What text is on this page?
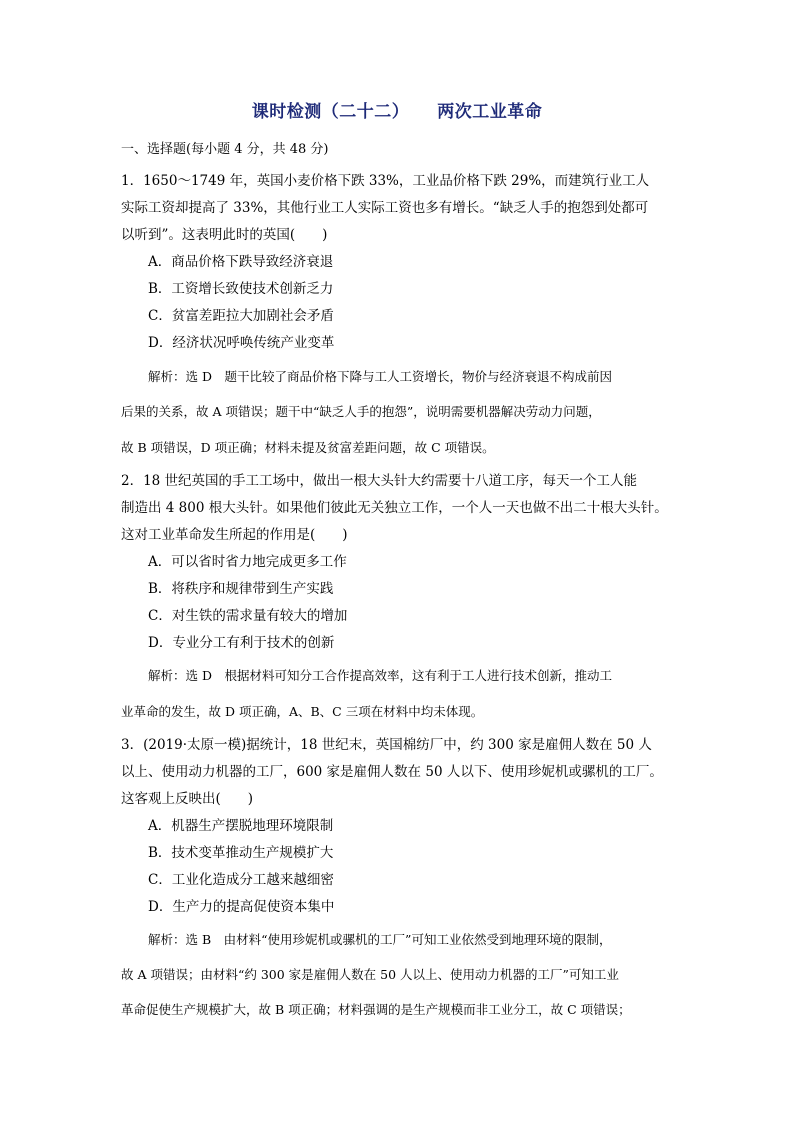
课时检测（二十二） 两次工业革命
一、选择题(每小题 4 分，共 48 分)
1．1650～1749 年，英国小麦价格下跌 33%，工业品价格下跌 29%，而建筑行业工人
实际工资却提高了 33%，其他行业工人实际工资也多有增长。“缺乏人手的抱怨到处都可
以听到”。这表明此时的英国(　　)
A．商品价格下跌导致经济衰退
B．工资增长致使技术创新乏力
C．贫富差距拉大加剧社会矛盾
D．经济状况呼唤传统产业变革
解析：选 D　题干比较了商品价格下降与工人工资增长，物价与经济衰退不构成前因
后果的关系，故 A 项错误；题干中“缺乏人手的抱怨”，说明需要机器解决劳动力问题，
故 B 项错误，D 项正确；材料未提及贫富差距问题，故 C 项错误。
2．18 世纪英国的手工工场中，做出一根大头针大约需要十八道工序，每天一个工人能
制造出 4 800 根大头针。如果他们彼此无关独立工作，一个人一天也做不出二十根大头针。
这对工业革命发生所起的作用是(　　)
A．可以省时省力地完成更多工作
B．将秩序和规律带到生产实践
C．对生铁的需求量有较大的增加
D．专业分工有利于技术的创新
解析：选 D　根据材料可知分工合作提高效率，这有利于工人进行技术创新，推动工
业革命的发生，故 D 项正确，A、B、C 三项在材料中均未体现。
3．(2019·太原一模)据统计，18 世纪末，英国棉纺厂中，约 300 家是雇佣人数在 50 人
以上、使用动力机器的工厂，600 家是雇佣人数在 50 人以下、使用珍妮机或骡机的工厂。
这客观上反映出(　　)
A．机器生产摆脱地理环境限制
B．技术变革推动生产规模扩大
C．工业化造成分工越来越细密
D．生产力的提高促使资本集中
解析：选 B　由材料“使用珍妮机或骡机的工厂”可知工业依然受到地理环境的限制，
故 A 项错误；由材料“约 300 家是雇佣人数在 50 人以上、使用动力机器的工厂”可知工业
革命促使生产规模扩大，故 B 项正确；材料强调的是生产规模而非工业分工，故 C 项错误；
